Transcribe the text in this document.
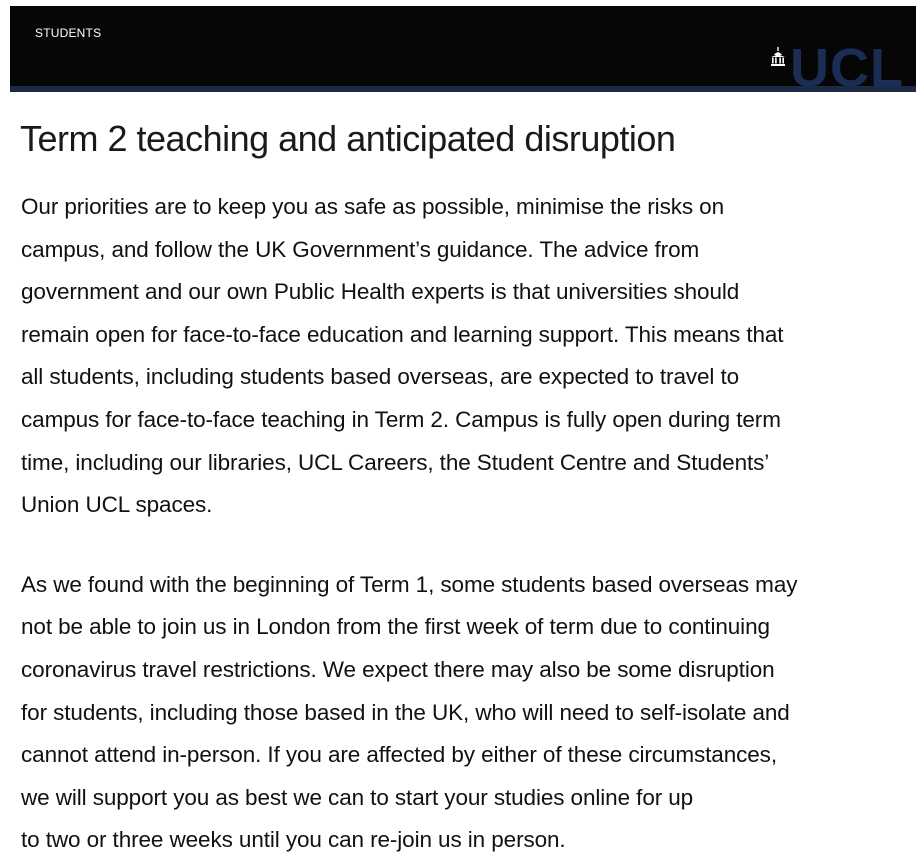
STUDENTS
UCL
Term 2 teaching and anticipated disruption

Our priorities are to keep you as safe as possible, minimise the risks on
campus, and follow the UK Government’s guidance. The advice from
government and our own Public Health experts is that universities should
remain open for face-to-face education and learning support. This means that
all students, including students based overseas, are expected to travel to
campus for face-to-face teaching in Term 2. Campus is fully open during term
time, including our libraries, UCL Careers, the Student Centre and Students’
Union UCL spaces.

As we found with the beginning of Term 1, some students based overseas may
not be able to join us in London from the first week of term due to continuing
coronavirus travel restrictions. We expect there may also be some disruption
for students, including those based in the UK, who will need to self-isolate and
cannot attend in-person. If you are affected by either of these circumstances,
we will support you as best we can to start your studies online for up
to two or three weeks until you can re-join us in person.
